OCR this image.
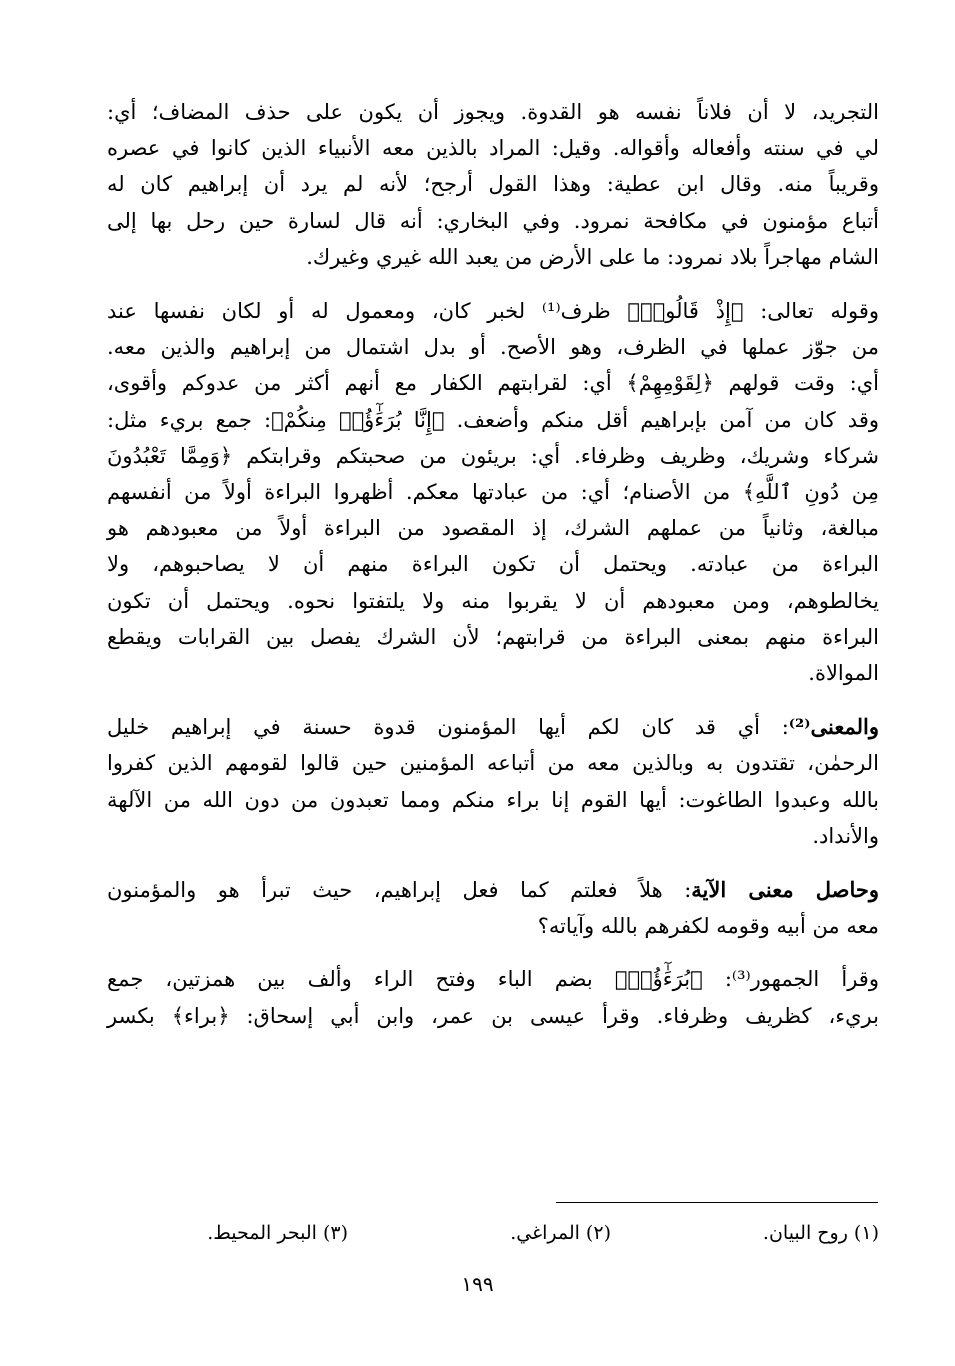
التجريد، لا أن فلاناً نفسه هو القدوة. ويجوز أن يكون على حذف المضاف؛ أي:
لي في سنته وأفعاله وأقواله. وقيل: المراد بالذين معه الأنبياء الذين كانوا في عصره
وقريباً منه. وقال ابن عطية: وهذا القول أرجح؛ لأنه لم يرد أن إبراهيم كان له
أتباع مؤمنون في مكافحة نمرود. وفي البخاري: أنه قال لسارة حين رحل بها إلى
الشام مهاجراً بلاد نمرود: ما على الأرض من يعبد الله غيري وغيرك.

وقوله تعالى: ﴿إِذْ قَالُوا۟﴾ ظرف⁽¹⁾ لخبر كان، ومعمول له أو لكان نفسها عند
من جوّز عملها في الظرف، وهو الأصح. أو بدل اشتمال من إبراهيم والذين معه.
أي: وقت قولهم ﴿لِقَوْمِهِمْ﴾ أي: لقرابتهم الكفار مع أنهم أكثر من عدوكم وأقوى،
وقد كان من آمن بإبراهيم أقل منكم وأضعف. ﴿إِنَّا بُرَءَٰٓؤُا۟ مِنكُمْ﴾: جمع بريء مثل:
شركاء وشريك، وظريف وظرفاء. أي: بريئون من صحبتكم وقرابتكم ﴿وَمِمَّا تَعْبُدُونَ
مِن دُونِ ٱللَّهِ﴾ من الأصنام؛ أي: من عبادتها معكم. أظهروا البراءة أولاً من أنفسهم
مبالغة، وثانياً من عملهم الشرك، إذ المقصود من البراءة أولاً من معبودهم هو
البراءة من عبادته. ويحتمل أن تكون البراءة منهم أن لا يصاحبوهم، ولا
يخالطوهم، ومن معبودهم أن لا يقربوا منه ولا يلتفتوا نحوه. ويحتمل أن تكون
البراءة منهم بمعنى البراءة من قرابتهم؛ لأن الشرك يفصل بين القرابات ويقطع
الموالاة.

والمعنى⁽²⁾: أي قد كان لكم أيها المؤمنون قدوة حسنة في إبراهيم خليل
الرحمٰن، تقتدون به وبالذين معه من أتباعه المؤمنين حين قالوا لقومهم الذين كفروا
بالله وعبدوا الطاغوت: أيها القوم إنا براء منكم ومما تعبدون من دون الله من الآلهة
والأنداد.

وحاصل معنى الآية: هلاً فعلتم كما فعل إبراهيم، حيث تبرأ هو والمؤمنون
معه من أبيه وقومه لكفرهم بالله وآياته؟

وقرأ الجمهور⁽³⁾: ﴿بُرَءَٰٓؤُا۟﴾ بضم الباء وفتح الراء وألف بين همزتين، جمع
بريء، كظريف وظرفاء. وقرأ عيسى بن عمر، وابن أبي إسحاق: ﴿براء﴾ بكسر

(١) روح البيان.
(٢) المراغي.
(٣) البحر المحيط.
١٩٩
